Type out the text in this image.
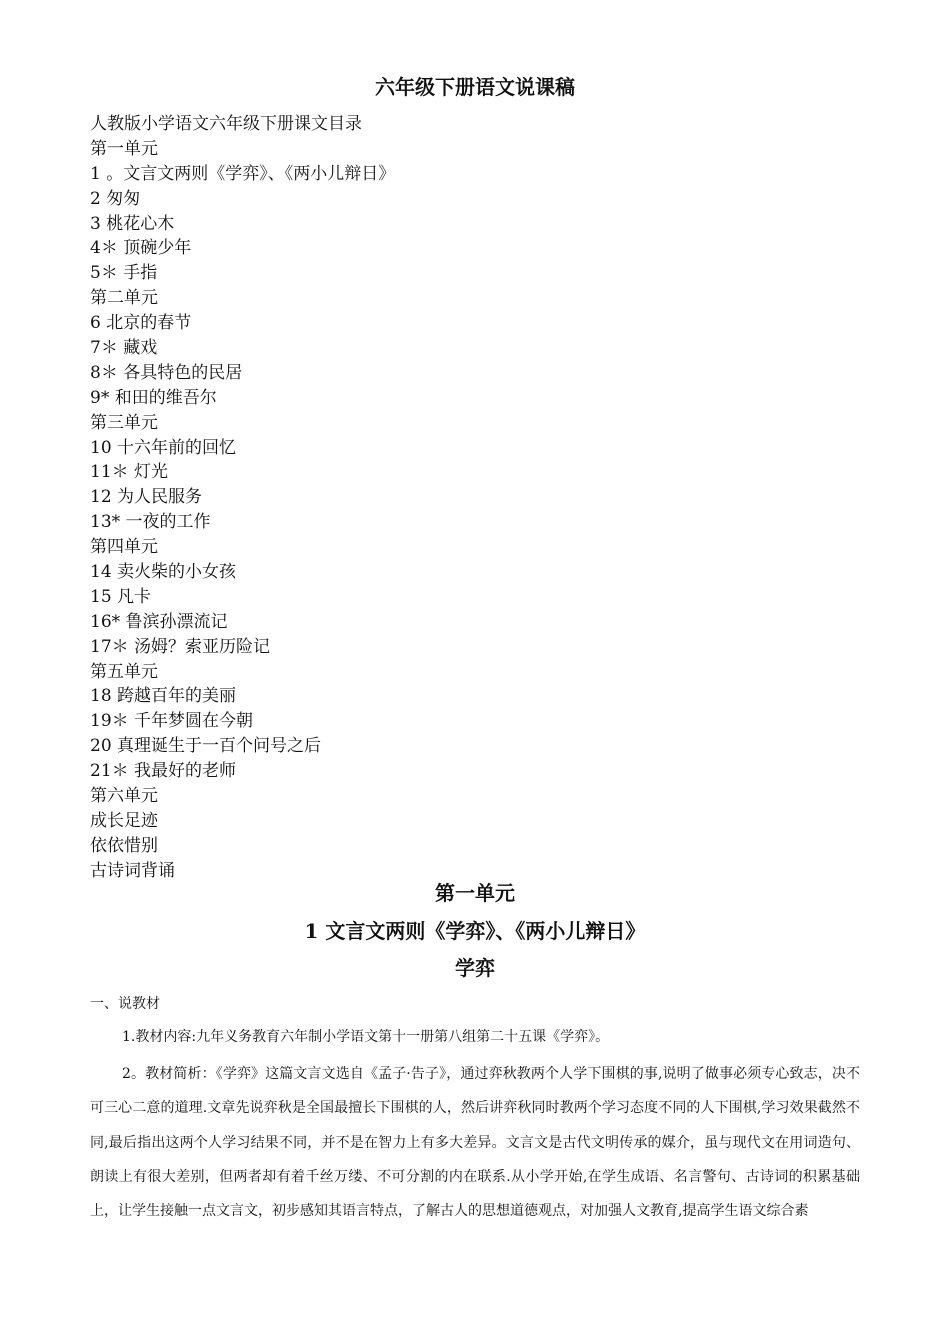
六年级下册语文说课稿
人教版小学语文六年级下册课文目录
第一单元
1 。文言文两则《学弈》、《两小儿辩日》
2 匆匆
3 桃花心木
4＊ 顶碗少年
5＊ 手指
第二单元
6 北京的春节
7＊ 藏戏
8＊ 各具特色的民居
9* 和田的维吾尔
第三单元
10 十六年前的回忆
11＊ 灯光
12 为人民服务
13* 一夜的工作
第四单元
14 卖火柴的小女孩
15 凡卡
16* 鲁滨孙漂流记
17＊ 汤姆？索亚历险记
第五单元
18 跨越百年的美丽
19＊ 千年梦圆在今朝
20 真理诞生于一百个问号之后
21＊ 我最好的老师
第六单元
成长足迹
依依惜别
古诗词背诵
第一单元
1 文言文两则《学弈》、《两小儿辩日》
学弈

一、说教材

1.教材内容:九年义务教育六年制小学语文第十一册第八组第二十五课《学弈》。

2。教材简析：《学弈》这篇文言文选自《孟子·告子》，通过弈秋教两个人学下围棋的事,说明了做事必须专心致志，决不可三心二意的道理.文章先说弈秋是全国最擅长下围棋的人，然后讲弈秋同时教两个学习态度不同的人下围棋,学习效果截然不同,最后指出这两个人学习结果不同，并不是在智力上有多大差异。文言文是古代文明传承的媒介，虽与现代文在用词造句、朗读上有很大差别，但两者却有着千丝万缕、不可分割的内在联系.从小学开始,在学生成语、名言警句、古诗词的积累基础上，让学生接触一点文言文，初步感知其语言特点，了解古人的思想道德观点，对加强人文教育,提高学生语文综合素
